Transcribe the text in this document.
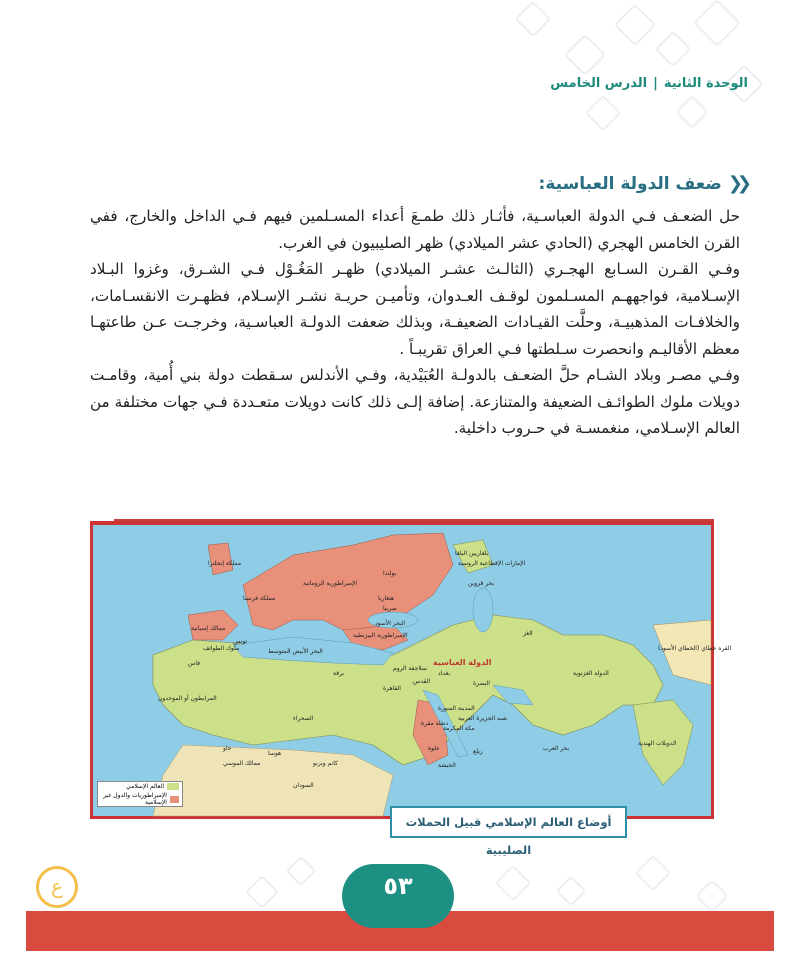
الوحدة الثانية
|
الدرس الخامس
❮❮
ضعف الدولة العباسية:

حل الضعـف فـي الدولة العباسـية، فأثـار ذلك طمـعَ أعداء المسـلمين فيهم فـي الداخل والخارج، ففي القرن الخامس الهجري (الحادي عشر الميلادي) ظهر الصليبيون في الغرب.

وفـي القـرن السـابع الهجـري (الثالـث عشـر الميلادي) ظهـر المَغُـوْل فـي الشـرق، وغزوا البـلاد الإسـلامية، فواجههـم المسـلمون لوقـف العـدوان، وتأميـن حريـة نشـر الإسـلام، فظهـرت الانقسـامات، والخلافـات المذهبيـة، وحلَّت القيـادات الضعيفـة، وبذلك ضعفت الدولـة العباسـية، وخرجـت عـن طاعتهـا معظم الأقاليـم وانحصرت سـلطتها فـي العراق تقريبـاً .

وفـي مصـر وبلاد الشـام حلَّ الضعـف بالدولـة العُبَيْدية، وفـي الأندلس سـقطت دولة بني أُمية، وقامـت دويلات ملوك الطوائـف الضعيفة والمتنازعة. إضافة إلـى ذلك كانت دويلات متعـددة فـي جهات مختلفة من العالم الإسـلامي، منغمسـة في حـروب داخلية.

الإمارات الإقطاعية الروسية
بولندا
الإمبراطورية الرومانية
هنغاريا
صربيا
مملكة فرنسا
مملكة إنجلترا
ممالك إسبانية
ملوك الطوائف
الإمبراطورية البيزنطية
سلاجقة الروم
البحر الأبيض المتوسط
بحر قزوين
البحر الأسود
تونس
فاس
برقة
الدولة العباسية
بغداد
القدس	البصرة
القاهرة
المدينة المنورة
مكة المكرمة
شبه الجزيرة العربية
الصحراء
المرابطون أو الموحدون
السودان
الدولة الغزنوية
الدويلات الهندية
القره خطاي (الخطاي الأسود)
الغز
بلغاريين البلغا
بحر العرب
دنقلة مقرة
علوة
الحبشة
كانم وبرنو
هوسا
ممالك الموسي
جاو	زيلع
العالم الإسلامي
الإمبراطوريات والدول غير الإسلامية
أوضاع العالم الإسلامي قبيل الحملات الصليبية
ع	٥٣
